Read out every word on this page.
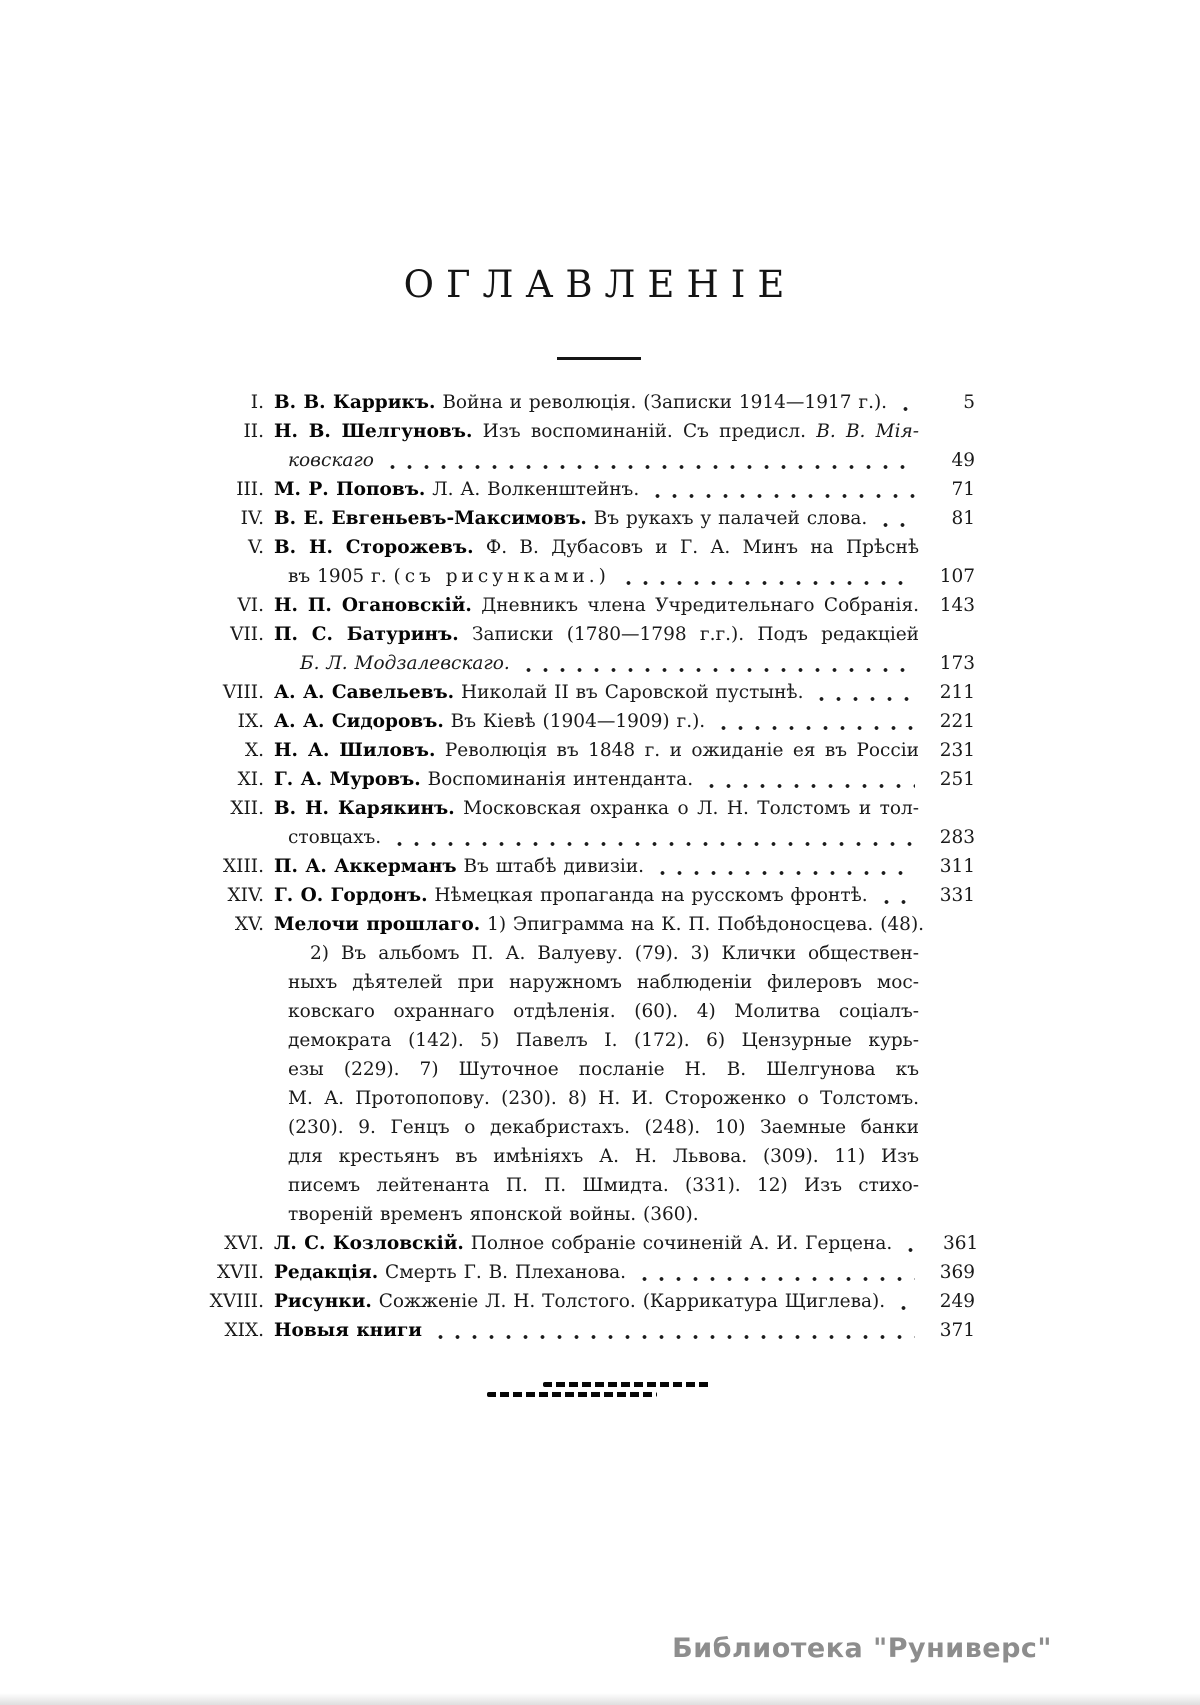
ОГЛАВЛЕНІЕ
I. В. В. Каррикъ. Война и революція. (Записки 1914—1917 г.).	5
II. Н. В. Шелгуновъ. Изъ воспоминаній. Съ предисл. В. В. Мія-
ковскаго	49
III. М. Р. Поповъ. Л. А. Волкенштейнъ.	71
IV. В. Е. Евгеньевъ-Максимовъ. Въ рукахъ у палачей слова.	81
V. В. Н. Сторожевъ. Ф. В. Дубасовъ и Г. А. Минъ на Прѣснѣ
въ 1905 г. (съ рисунками.)	107
VI. Н. П. Огановскій. Дневникъ члена Учредительнаго Собранія.	143
VII. П. С. Батуринъ. Записки (1780—1798 г.г.). Подъ редакціей
Б. Л. Модзалевскаго.	173
VIII. А. А. Савельевъ. Николай II въ Саровской пустынѣ.	211
IX. А. А. Сидоровъ. Въ Кіевѣ (1904—1909) г.).	221
X. Н. А. Шиловъ. Революція въ 1848 г. и ожиданіе ея въ Россіи	231
XI. Г. А. Муровъ. Воспоминанія интенданта.	251
XII. В. Н. Карякинъ. Московская охранка о Л. Н. Толстомъ и тол-
стовцахъ.	283
XIII. П. А. Аккерманъ Въ штабѣ дивизіи.	311
XIV. Г. О. Гордонъ. Нѣмецкая пропаганда на русскомъ фронтѣ.	331
XV. Мелочи прошлаго. 1) Эпиграмма на К. П. Побѣдоносцева. (48).
2) Въ альбомъ П. А. Валуеву. (79). 3) Клички обществен-
ныхъ дѣятелей при наружномъ наблюденіи филеровъ мос-
ковскаго охраннаго отдѣленія. (60). 4) Молитва соціалъ-
демократа (142). 5) Павелъ I. (172). 6) Цензурные курь-
езы (229). 7) Шуточное посланіе Н. В. Шелгунова къ
М. А. Протопопову. (230). 8) Н. И. Стороженко о Толстомъ.
(230). 9. Генцъ о декабристахъ. (248). 10) Заемные банки
для крестьянъ въ имѣніяхъ А. Н. Львова. (309). 11) Изъ
писемъ лейтенанта П. П. Шмидта. (331). 12) Изъ стихо-
твореній временъ японской войны. (360).
XVI. Л. С. Козловскій. Полное собраніе сочиненій А. И. Герцена.	361
XVII. Редакція. Смерть Г. В. Плеханова.	369
XVIII. Рисунки. Сожженіе Л. Н. Толстого. (Каррикатура Щиглева).	249
XIX. Новыя книги	371
Библиотека "Руниверс"
